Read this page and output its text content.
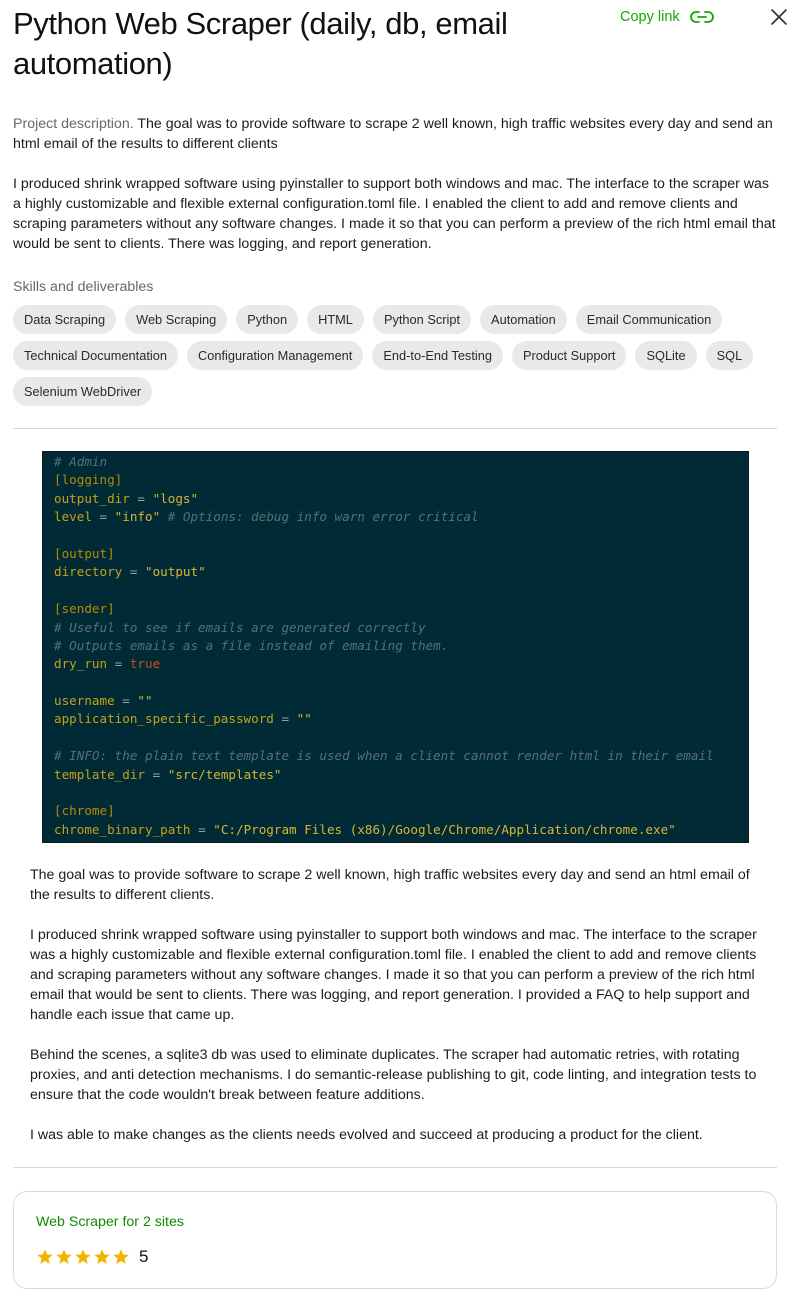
Python Web Scraper (daily, db, email automation)
Copy link

Project description. The goal was to provide software to scrape 2 well known, high traffic websites every day and send an html email of the results to different clients

I produced shrink wrapped software using pyinstaller to support both windows and mac. The interface to the scraper was a highly customizable and flexible external configuration.toml file. I enabled the client to add and remove clients and scraping parameters without any software changes. I made it so that you can perform a preview of the rich html email that would be sent to clients. There was logging, and report generation.

Skills and deliverables

Data Scraping	Web Scraping	Python	HTML	Python Script	Automation	Email Communication
Technical Documentation	Configuration Management	End-to-End Testing	Product Support	SQLite	SQL
Selenium WebDriver
# Admin
[logging]
output_dir = "logs"
level = "info" # Options: debug info warn error critical

[output]
directory = "output"

[sender]
# Useful to see if emails are generated correctly
# Outputs emails as a file instead of emailing them.
dry_run = true

username = ""
application_specific_password = ""

# INFO: the plain text template is used when a client cannot render html in their email
template_dir = "src/templates"

[chrome]
chrome_binary_path = "C:/Program Files (x86)/Google/Chrome/Application/chrome.exe"

The goal was to provide software to scrape 2 well known, high traffic websites every day and send an html email of the results to different clients.

I produced shrink wrapped software using pyinstaller to support both windows and mac. The interface to the scraper was a highly customizable and flexible external configuration.toml file. I enabled the client to add and remove clients and scraping parameters without any software changes. I made it so that you can perform a preview of the rich html email that would be sent to clients. There was logging, and report generation. I provided a FAQ to help support and handle each issue that came up.

Behind the scenes, a sqlite3 db was used to eliminate duplicates. The scraper had automatic retries, with rotating proxies, and anti detection mechanisms. I do semantic-release publishing to git, code linting, and integration tests to ensure that the code wouldn't break between feature additions.

I was able to make changes as the clients needs evolved and succeed at producing a product for the client.

Web Scraper for 2 sites
5
